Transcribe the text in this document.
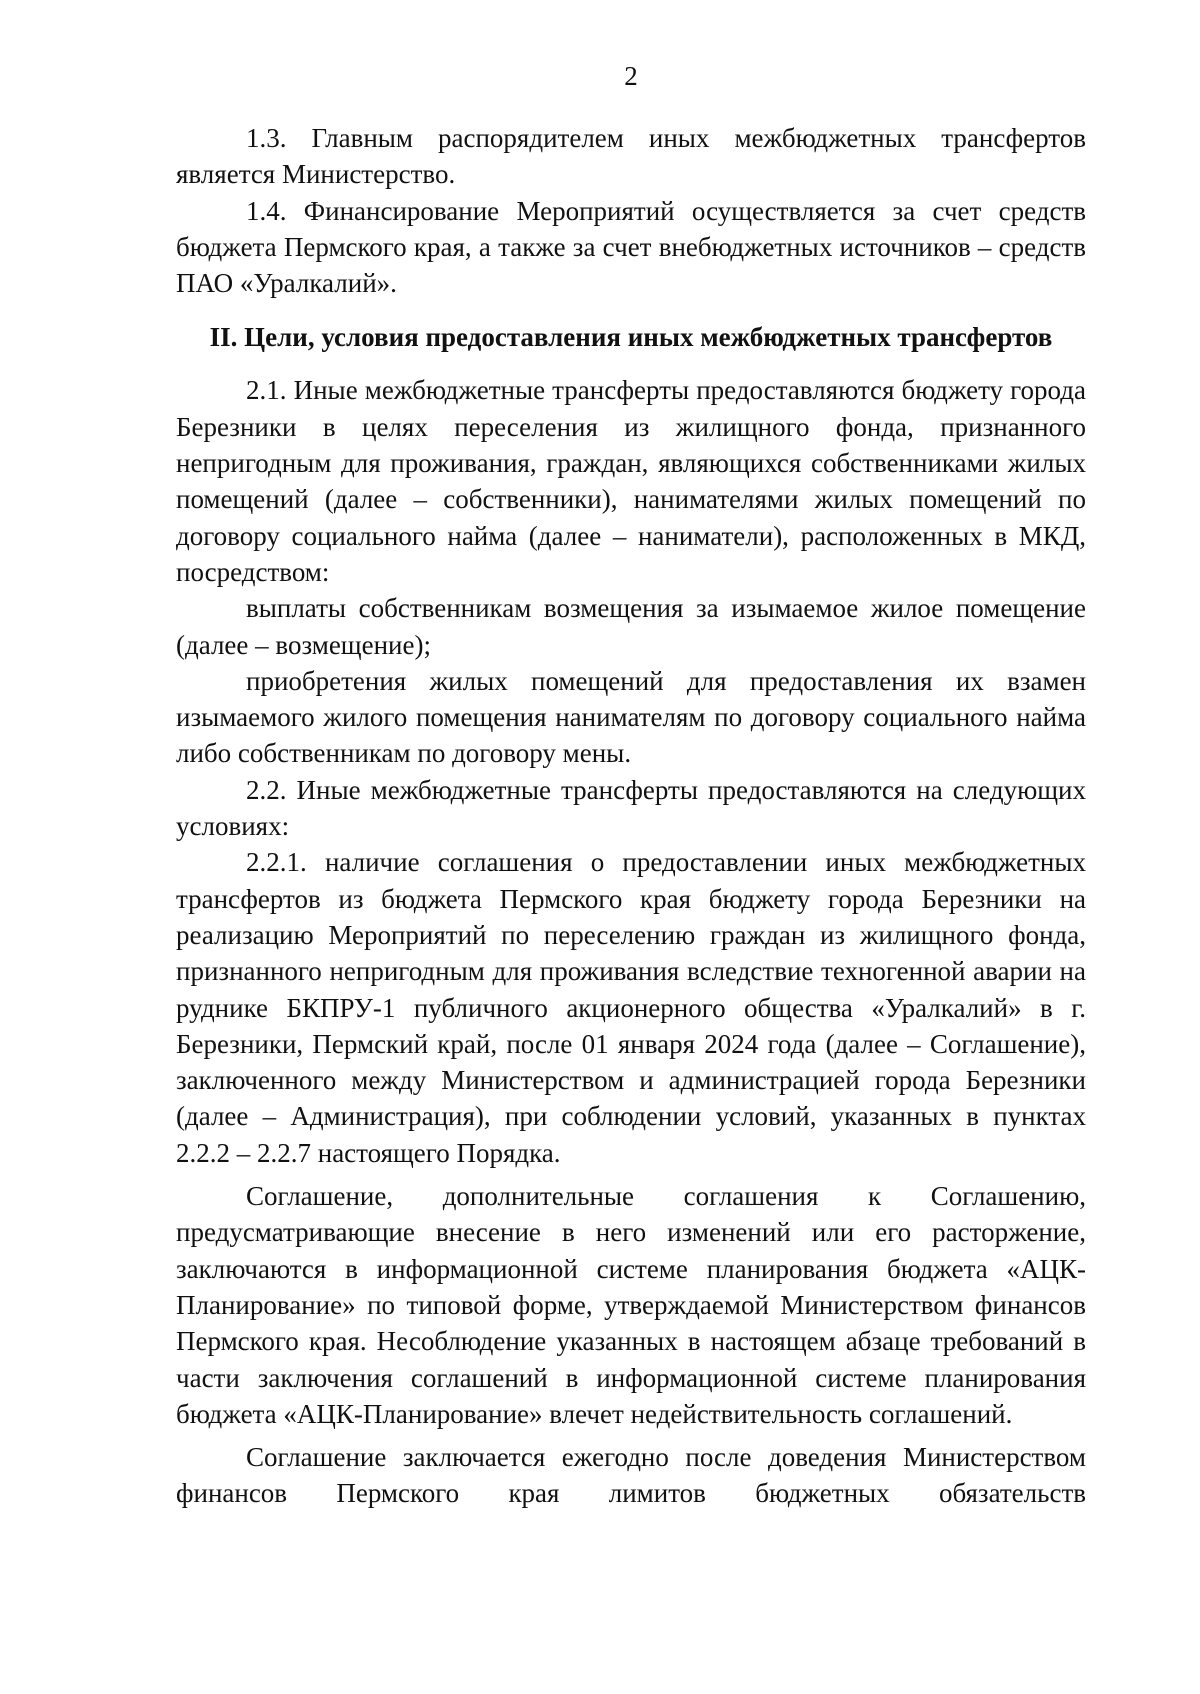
2

1.3. Главным распорядителем иных межбюджетных трансфертов является Министерство.

1.4. Финансирование Мероприятий осуществляется за счет средств бюджета Пермского края, а также за счет внебюджетных источников – средств ПАО «Уралкалий».

II. Цели, условия предоставления иных межбюджетных трансфертов

2.1. Иные межбюджетные трансферты предоставляются бюджету города Березники в целях переселения из жилищного фонда, признанного непригодным для проживания, граждан, являющихся собственниками жилых помещений (далее – собственники), нанимателями жилых помещений по договору социального найма (далее – наниматели), расположенных в МКД, посредством:

выплаты собственникам возмещения за изымаемое жилое помещение (далее – возмещение);

приобретения жилых помещений для предоставления их взамен изымаемого жилого помещения нанимателям по договору социального найма либо собственникам по договору мены.

2.2. Иные межбюджетные трансферты предоставляются на следующих условиях:

2.2.1. наличие соглашения о предоставлении иных межбюджетных трансфертов из бюджета Пермского края бюджету города Березники на реализацию Мероприятий по переселению граждан из жилищного фонда, признанного непригодным для проживания вследствие техногенной аварии на руднике БКПРУ-1 публичного акционерного общества «Уралкалий» в г. Березники, Пермский край, после 01 января 2024 года (далее – Соглашение), заключенного между Министерством и администрацией города Березники (далее – Администрация), при соблюдении условий, указанных в пунктах 2.2.2 – 2.2.7 настоящего Порядка.

Соглашение, дополнительные соглашения к Соглашению, предусматривающие внесение в него изменений или его расторжение, заключаются в информационной системе планирования бюджета «АЦК-Планирование» по типовой форме, утверждаемой Министерством финансов Пермского края. Несоблюдение указанных в настоящем абзаце требований в части заключения соглашений в информационной системе планирования бюджета «АЦК-Планирование» влечет недействительность соглашений.

Соглашение заключается ежегодно после доведения Министерством финансов Пермского края лимитов бюджетных обязательств
